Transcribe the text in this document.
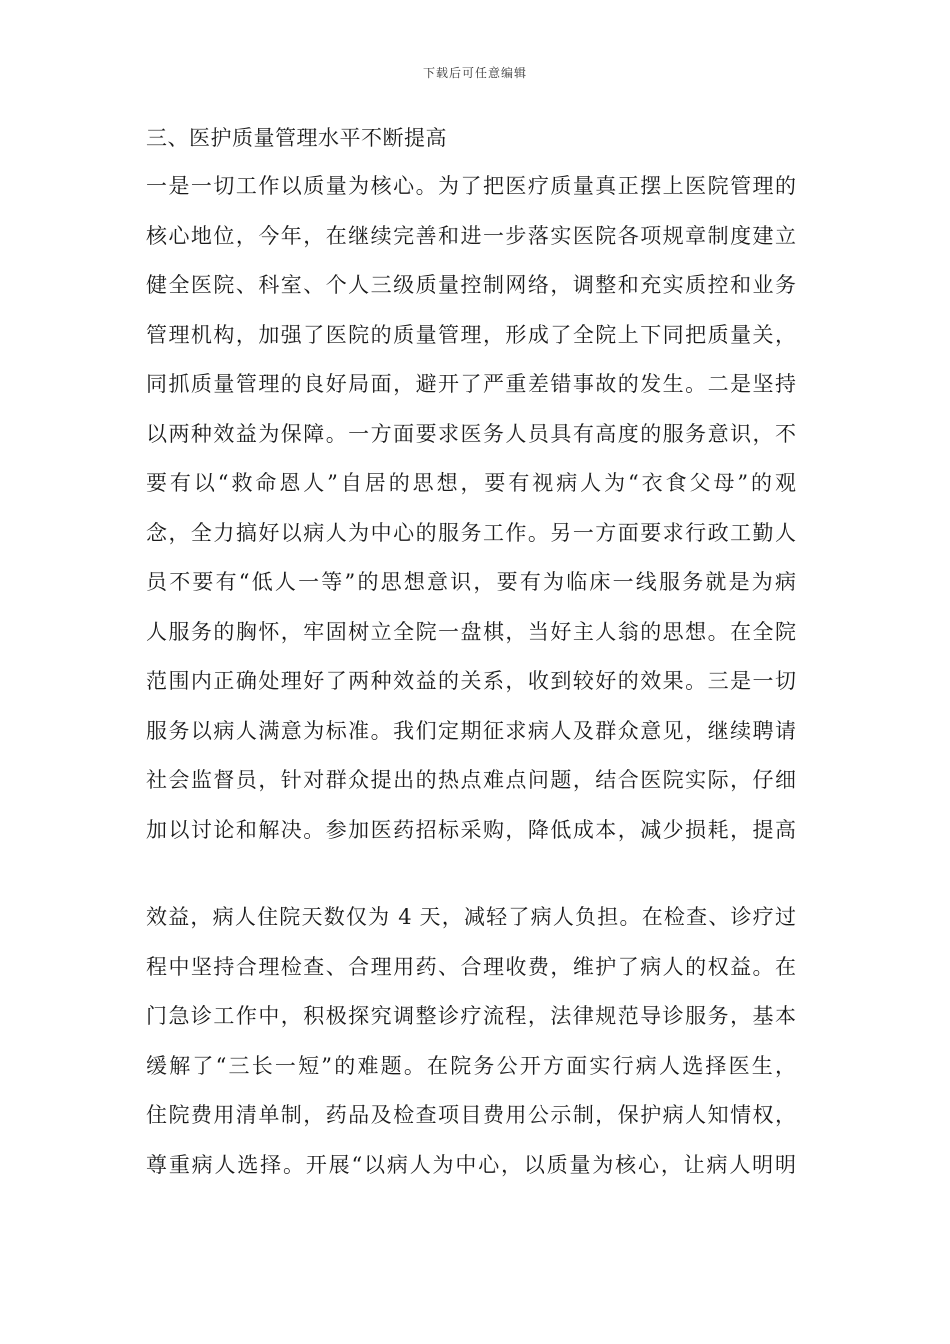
下载后可任意编辑
三、医护质量管理水平不断提高
一是一切工作以质量为核心。为了把医疗质量真正摆上医院管理的
核心地位，今年，在继续完善和进一步落实医院各项规章制度建立
健全医院、科室、个人三级质量控制网络，调整和充实质控和业务
管理机构，加强了医院的质量管理，形成了全院上下同把质量关，
同抓质量管理的良好局面，避开了严重差错事故的发生。二是坚持
以两种效益为保障。一方面要求医务人员具有高度的服务意识，不
要有以“救命恩人”自居的思想，要有视病人为“衣食父母”的观
念，全力搞好以病人为中心的服务工作。另一方面要求行政工勤人
员不要有“低人一等”的思想意识，要有为临床一线服务就是为病
人服务的胸怀，牢固树立全院一盘棋，当好主人翁的思想。在全院
范围内正确处理好了两种效益的关系，收到较好的效果。三是一切
服务以病人满意为标准。我们定期征求病人及群众意见，继续聘请
社会监督员，针对群众提出的热点难点问题，结合医院实际，仔细
加以讨论和解决。参加医药招标采购，降低成本，减少损耗，提高
效益，病人住院天数仅为 4 天，减轻了病人负担。在检查、诊疗过
程中坚持合理检查、合理用药、合理收费，维护了病人的权益。在
门急诊工作中，积极探究调整诊疗流程，法律规范导诊服务，基本
缓解了“三长一短”的难题。在院务公开方面实行病人选择医生，
住院费用清单制，药品及检查项目费用公示制，保护病人知情权，
尊重病人选择。开展“以病人为中心，以质量为核心，让病人明明
